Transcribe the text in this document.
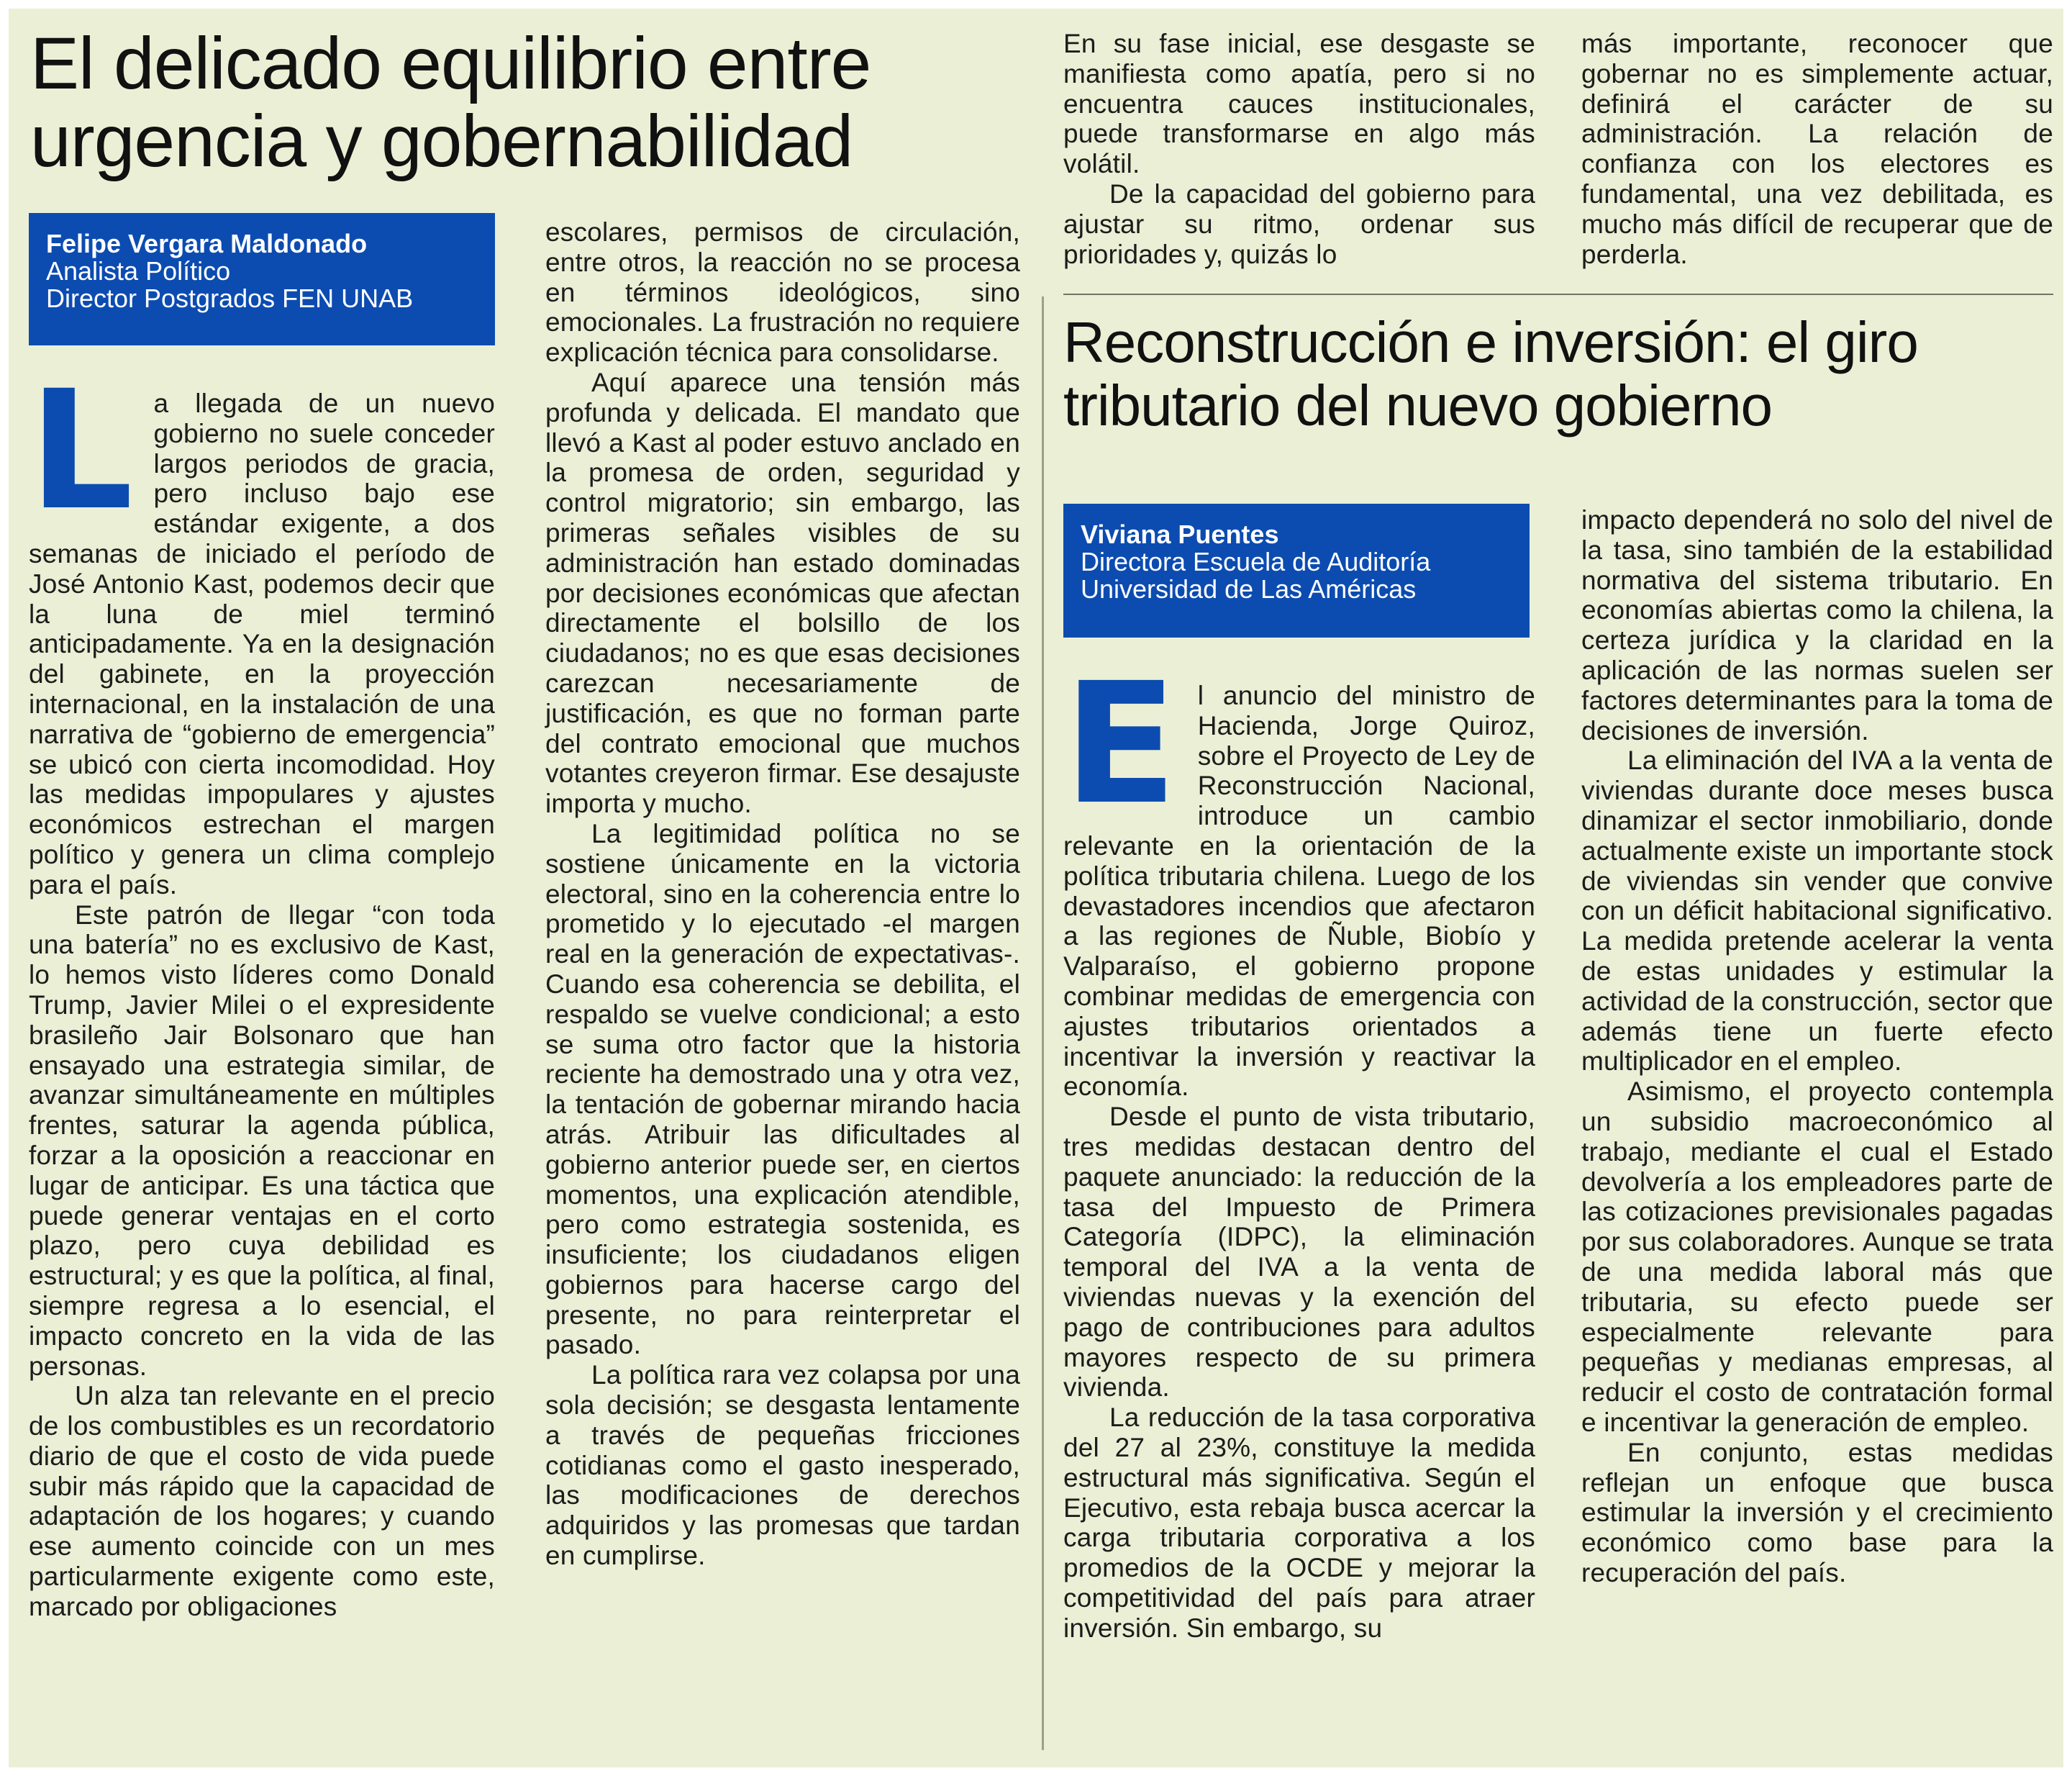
El delicado equilibrio entre
urgencia y gobernabilidad
Felipe Vergara Maldonado
Analista Político
Director Postgrados FEN UNAB

La llegada de un nuevo gobierno no suele conceder largos periodos de gracia, pero incluso bajo ese estándar exigente, a dos semanas de iniciado el período de José Antonio Kast, podemos decir que la luna de miel terminó anticipadamente. Ya en la designación del gabinete, en la proyección internacional, en la instalación de una narrativa de “gobierno de emergencia” se ubicó con cierta incomodidad. Hoy las medidas impopulares y ajustes económicos estrechan el margen político y genera un clima complejo para el país.

Este patrón de llegar “con toda una batería” no es exclusivo de Kast, lo hemos visto líderes como Donald Trump, Javier Milei o el expresidente brasileño Jair Bolsonaro que han ensayado una estrategia similar, de avanzar simultáneamente en múltiples frentes, saturar la agenda pública, forzar a la oposición a reaccionar en lugar de anticipar. Es una táctica que puede generar ventajas en el corto plazo, pero cuya debilidad es estructural; y es que la política, al final, siempre regresa a lo esencial, el impacto concreto en la vida de las personas.

Un alza tan relevante en el precio de los combustibles es un recordatorio diario de que el costo de vida puede subir más rápido que la capacidad de adaptación de los hogares; y cuando ese aumento coincide con un mes particularmente exigente como este, marcado por obligaciones

escolares, permisos de circulación, entre otros, la reacción no se procesa en términos ideológicos, sino emocionales. La frustración no requiere explicación técnica para consolidarse.

Aquí aparece una tensión más profunda y delicada. El mandato que llevó a Kast al poder estuvo anclado en la promesa de orden, seguridad y control migratorio; sin embargo, las primeras señales visibles de su administración han estado dominadas por decisiones económicas que afectan directamente el bolsillo de los ciudadanos; no es que esas decisiones carezcan necesariamente de justificación, es que no forman parte del contrato emocional que muchos votantes creyeron firmar. Ese desajuste importa y mucho.

La legitimidad política no se sostiene únicamente en la victoria electoral, sino en la coherencia entre lo prometido y lo ejecutado -el margen real en la generación de expectativas-. Cuando esa coherencia se debilita, el respaldo se vuelve condicional; a esto se suma otro factor que la historia reciente ha demostrado una y otra vez, la tentación de gobernar mirando hacia atrás. Atribuir las dificultades al gobierno anterior puede ser, en ciertos momentos, una explicación atendible, pero como estrategia sostenida, es insuficiente; los ciudadanos eligen gobiernos para hacerse cargo del presente, no para reinterpretar el pasado.

La política rara vez colapsa por una sola decisión; se desgasta lentamente a través de pequeñas fricciones cotidianas como el gasto inesperado, las modificaciones de derechos adquiridos y las promesas que tardan en cumplirse.

En su fase inicial, ese desgaste se manifiesta como apatía, pero si no encuentra cauces institucionales, puede transformarse en algo más volátil.

De la capacidad del gobierno para ajustar su ritmo, ordenar sus prioridades y, quizás lo

más importante, reconocer que gobernar no es simplemente actuar, definirá el carácter de su administración. La relación de confianza con los electores es fundamental, una vez debilitada, es mucho más difícil de recuperar que de perderla.

Reconstrucción e inversión: el giro
tributario del nuevo gobierno
Viviana Puentes
Directora Escuela de Auditoría
Universidad de Las Américas

El anuncio del ministro de Hacienda, Jorge Quiroz, sobre el Proyecto de Ley de Reconstrucción Nacional, introduce un cambio relevante en la orientación de la política tributaria chilena. Luego de los devastadores incendios que afectaron a las regiones de Ñuble, Biobío y Valparaíso, el gobierno propone combinar medidas de emergencia con ajustes tributarios orientados a incentivar la inversión y reactivar la economía.

Desde el punto de vista tributario, tres medidas destacan dentro del paquete anunciado: la reducción de la tasa del Impuesto de Primera Categoría (IDPC), la eliminación temporal del IVA a la venta de viviendas nuevas y la exención del pago de contribuciones para adultos mayores respecto de su primera vivienda.

La reducción de la tasa corporativa del 27 al 23%, constituye la medida estructural más significativa. Según el Ejecutivo, esta rebaja busca acercar la carga tributaria corporativa a los promedios de la OCDE y mejorar la competitividad del país para atraer inversión. Sin embargo, su

impacto dependerá no solo del nivel de la tasa, sino también de la estabilidad normativa del sistema tributario. En economías abiertas como la chilena, la certeza jurídica y la claridad en la aplicación de las normas suelen ser factores determinantes para la toma de decisiones de inversión.

La eliminación del IVA a la venta de viviendas durante doce meses busca dinamizar el sector inmobiliario, donde actualmente existe un importante stock de viviendas sin vender que convive con un déficit habitacional significativo. La medida pretende acelerar la venta de estas unidades y estimular la actividad de la construcción, sector que además tiene un fuerte efecto multiplicador en el empleo.

Asimismo, el proyecto contempla un subsidio macroeconómico al trabajo, mediante el cual el Estado devolvería a los empleadores parte de las cotizaciones previsionales pagadas por sus colaboradores. Aunque se trata de una medida laboral más que tributaria, su efecto puede ser especialmente relevante para pequeñas y medianas empresas, al reducir el costo de contratación formal e incentivar la generación de empleo.

En conjunto, estas medidas reflejan un enfoque que busca estimular la inversión y el crecimiento económico como base para la recuperación del país.
